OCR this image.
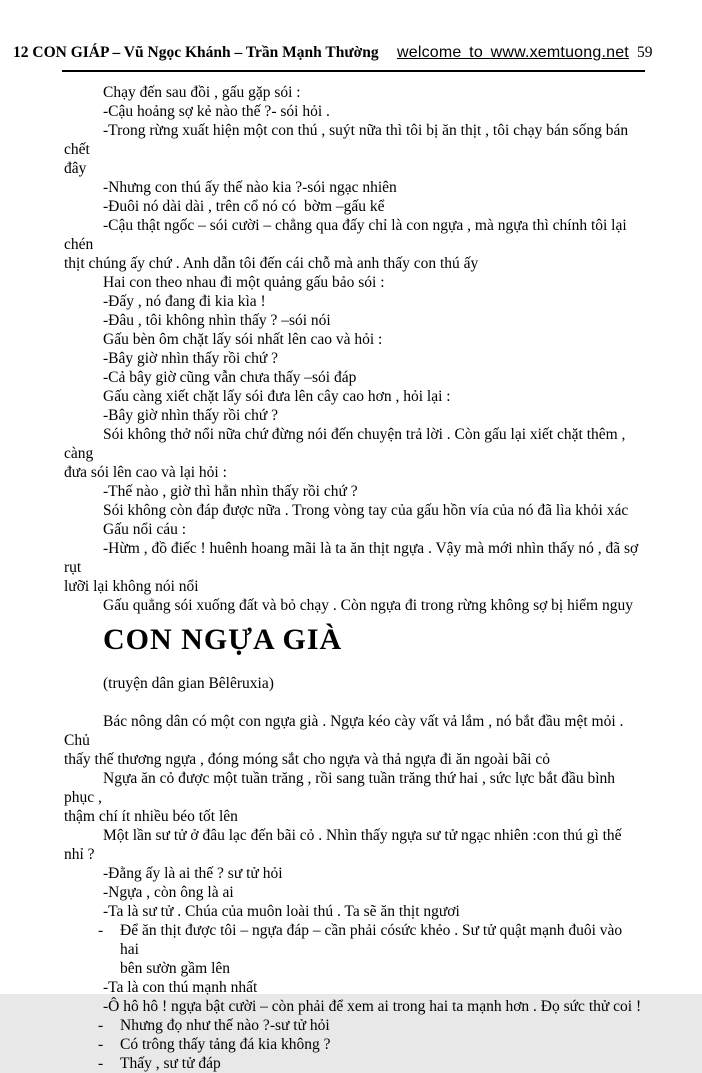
12 CON GIÁP – Vũ Ngọc Khánh – Trần Mạnh Thường welcome to www.xemtuong.net 59
Chạy đến sau đồi , gấu gặp sói :
-Cậu hoảng sợ kẻ nào thế ?- sói hỏi .
-Trong rừng xuất hiện một con thú , suýt nữa thì tôi bị ăn thịt , tôi chạy bán sống bán chết
đây
-Nhưng con thú ấy thế nào kia ?-sói ngạc nhiên
-Đuôi nó dài dài , trên cổ nó có  bờm –gấu kể
-Cậu thật ngốc – sói cười – chẳng qua đấy chỉ là con ngựa , mà ngựa thì chính tôi lại chén
thịt chúng ấy chứ . Anh dẫn tôi đến cái chỗ mà anh thấy con thú ấy
Hai con theo nhau đi một quảng gấu bảo sói :
-Đấy , nó đang đi kia kìa !
-Đâu , tôi không nhìn thấy ? –sói nói
Gấu bèn ôm chặt lấy sói nhất lên cao và hỏi :
-Bây giờ nhìn thấy rồi chứ ?
-Cả bây giờ cũng vẫn chưa thấy –sói đáp
Gấu càng xiết chặt lấy sói đưa lên cây cao hơn , hỏi lại :
-Bây giờ nhìn thấy rồi chứ ?
Sói không thở nổi nữa chứ đừng nói đến chuyện trả lời . Còn gấu lại xiết chặt thêm , càng
đưa sói lên cao và lại hỏi :
-Thế nào , giờ thì hẳn nhìn thấy rồi chứ ?
Sói không còn đáp được nữa . Trong vòng tay của gấu hồn vía của nó đã lìa khỏi xác
Gấu nổi cáu :
-Hừm , đồ điếc ! huênh hoang mãi là ta ăn thịt ngựa . Vậy mà mới nhìn thấy nó , đã sợ rụt
lưỡi lại không nói nổi
Gấu quẳng sói xuống đất và bỏ chạy . Còn ngựa đi trong rừng không sợ bị hiểm nguy
CON NGỰA GIÀ
(truyện dân gian Bêlêruxia)
Bác nông dân có một con ngựa già . Ngựa kéo cày vất vả lắm , nó bắt đầu mệt mỏi . Chủ
thấy thế thương ngựa , đóng móng sắt cho ngựa và thả ngựa đi ăn ngoài bãi cỏ
Ngựa ăn cỏ được một tuần trăng , rồi sang tuần trăng thứ hai , sức lực bắt đầu bình phục ,
thậm chí ít nhiều béo tốt lên
Một lần sư tử ở đâu lạc đến bãi cỏ . Nhìn thấy ngựa sư tử ngạc nhiên :con thú gì thế nhỉ ?
-Đằng ấy là ai thế ? sư tử hỏi
-Ngựa , còn ông là ai
-Ta là sư tử . Chúa của muôn loài thú . Ta sẽ ăn thịt ngươi
-	Để ăn thịt được tôi – ngựa đáp – cần phải cósức khẻo . Sư tử quật mạnh đuôi vào hai
bên sườn gầm lên
-Ta là con thú mạnh nhất
-Ô hô hô ! ngựa bật cười – còn phải để xem ai trong hai ta mạnh hơn . Đọ sức thử coi !
-	Nhưng đọ như thế nào ?-sư tử hỏi
-	Có trông thấy tảng đá kia không ?
-	Thấy , sư tử đáp
